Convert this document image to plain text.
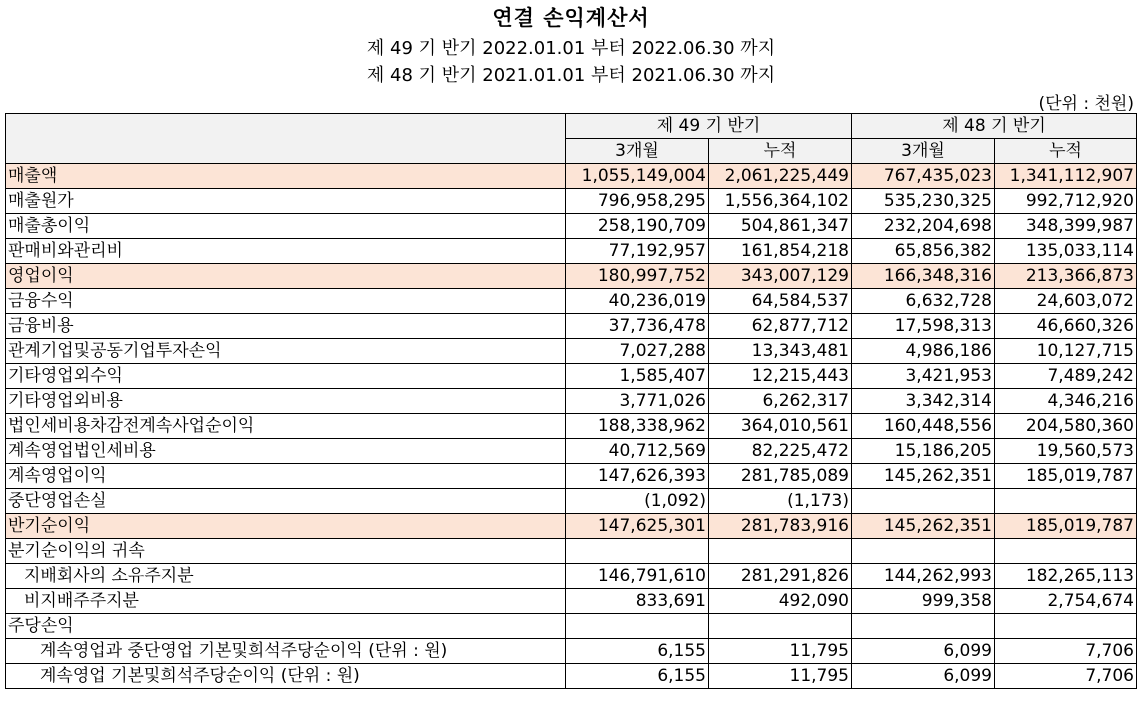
연결 손익계산서
제 49 기 반기 2022.01.01 부터 2022.06.30 까지
제 48 기 반기 2021.01.01 부터 2021.06.30 까지
(단위 : 천원)
	제 49 기 반기		제 48 기 반기	
	3개월	누적	3개월	누적
매출액	1,055,149,004	2,061,225,449	767,435,023	1,341,112,907
매출원가	796,958,295	1,556,364,102	535,230,325	992,712,920
매출총이익	258,190,709	504,861,347	232,204,698	348,399,987
판매비와관리비	77,192,957	161,854,218	65,856,382	135,033,114
영업이익	180,997,752	343,007,129	166,348,316	213,366,873
금융수익	40,236,019	64,584,537	6,632,728	24,603,072
금융비용	37,736,478	62,877,712	17,598,313	46,660,326
관계기업및공동기업투자손익	7,027,288	13,343,481	4,986,186	10,127,715
기타영업외수익	1,585,407	12,215,443	3,421,953	7,489,242
기타영업외비용	3,771,026	6,262,317	3,342,314	4,346,216
법인세비용차감전계속사업순이익	188,338,962	364,010,561	160,448,556	204,580,360
계속영업법인세비용	40,712,569	82,225,472	15,186,205	19,560,573
계속영업이익	147,626,393	281,785,089	145,262,351	185,019,787
중단영업손실	(1,092)	(1,173)		
반기순이익	147,625,301	281,783,916	145,262,351	185,019,787
분기순이익의 귀속				
지배회사의 소유주지분	146,791,610	281,291,826	144,262,993	182,265,113
비지배주주지분	833,691	492,090	999,358	2,754,674
주당손익				
계속영업과 중단영업 기본및희석주당순이익 (단위 : 원)	6,155	11,795	6,099	7,706
계속영업 기본및희석주당순이익 (단위 : 원)	6,155	11,795	6,099	7,706
